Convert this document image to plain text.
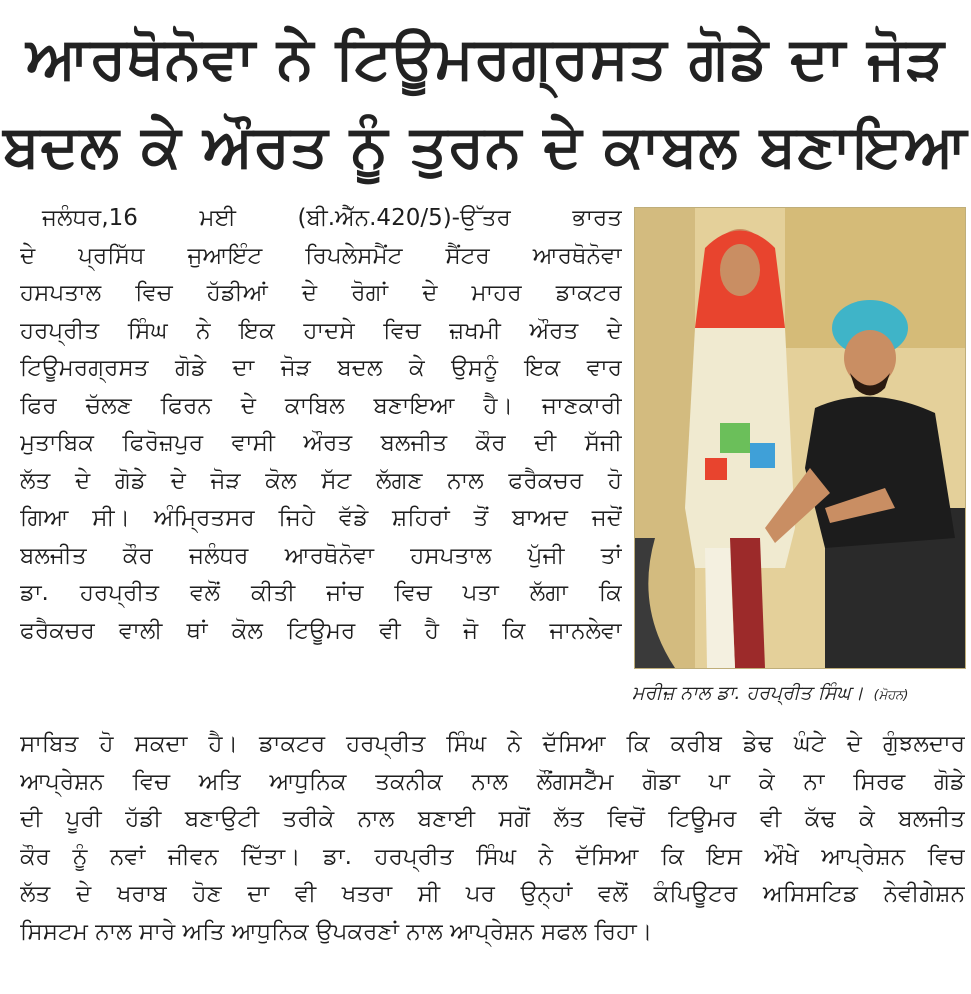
ਆਰਥੋਨੋਵਾ ਨੇ ਟਿਊਮਰਗ੍ਰਸਤ ਗੋਡੇ ਦਾ ਜੋੜ
ਬਦਲ ਕੇ ਔਰਤ ਨੂੰ ਤੁਰਨ ਦੇ ਕਾਬਲ ਬਣਾਇਆ
ਜਲੰਧਰ,16 ਮਈ (ਬੀ.ਐੱਨ.420/5)-ਉੱਤਰ ਭਾਰਤ
ਦੇ ਪ੍ਰਸਿੱਧ ਜੁਆਇੰਟ ਰਿਪਲੇਸਮੈਂਟ ਸੈਂਟਰ ਆਰਥੋਨੋਵਾ
ਹਸਪਤਾਲ ਵਿਚ ਹੱਡੀਆਂ ਦੇ ਰੋਗਾਂ ਦੇ ਮਾਹਰ ਡਾਕਟਰ
ਹਰਪ੍ਰੀਤ ਸਿੰਘ ਨੇ ਇਕ ਹਾਦਸੇ ਵਿਚ ਜ਼ਖਮੀ ਔਰਤ ਦੇ
ਟਿਊਮਰਗ੍ਰਸਤ ਗੋਡੇ ਦਾ ਜੋੜ ਬਦਲ ਕੇ ਉਸਨੂੰ ਇਕ ਵਾਰ
ਫਿਰ ਚੱਲਣ ਫਿਰਨ ਦੇ ਕਾਬਿਲ ਬਣਾਇਆ ਹੈ। ਜਾਣਕਾਰੀ
ਮੁਤਾਬਿਕ ਫਿਰੋਜ਼ਪੁਰ ਵਾਸੀ ਔਰਤ ਬਲਜੀਤ ਕੌਰ ਦੀ ਸੱਜੀ
ਲੱਤ ਦੇ ਗੋਡੇ ਦੇ ਜੋੜ ਕੋਲ ਸੱਟ ਲੱਗਣ ਨਾਲ ਫਰੈਕਚਰ ਹੋ
ਗਿਆ ਸੀ। ਅੰਮ੍ਰਿਤਸਰ ਜਿਹੇ ਵੱਡੇ ਸ਼ਹਿਰਾਂ ਤੋਂ ਬਾਅਦ ਜਦੋਂ
ਬਲਜੀਤ ਕੌਰ ਜਲੰਧਰ ਆਰਥੋਨੋਵਾ ਹਸਪਤਾਲ ਪੁੱਜੀ ਤਾਂ
ਡਾ. ਹਰਪ੍ਰੀਤ ਵਲੋਂ ਕੀਤੀ ਜਾਂਚ ਵਿਚ ਪਤਾ ਲੱਗਾ ਕਿ
ਫਰੈਕਚਰ ਵਾਲੀ ਥਾਂ ਕੋਲ ਟਿਊਮਰ ਵੀ ਹੈ ਜੋ ਕਿ ਜਾਨਲੇਵਾ
ਮਰੀਜ਼ ਨਾਲ ਡਾ. ਹਰਪ੍ਰੀਤ ਸਿੰਘ। (ਮੋਹਨ)
ਸਾਬਿਤ ਹੋ ਸਕਦਾ ਹੈ। ਡਾਕਟਰ ਹਰਪ੍ਰੀਤ ਸਿੰਘ ਨੇ ਦੱਸਿਆ ਕਿ ਕਰੀਬ ਡੇਢ ਘੰਟੇ ਦੇ ਗੁੰਝਲਦਾਰ
ਆਪ੍ਰੇਸ਼ਨ ਵਿਚ ਅਤਿ ਆਧੁਨਿਕ ਤਕਨੀਕ ਨਾਲ ਲੌਂਗਸਟੈੱਮ ਗੋਡਾ ਪਾ ਕੇ ਨਾ ਸਿਰਫ ਗੋਡੇ
ਦੀ ਪੂਰੀ ਹੱਡੀ ਬਣਾਉਟੀ ਤਰੀਕੇ ਨਾਲ ਬਣਾਈ ਸਗੋਂ ਲੱਤ ਵਿਚੋਂ ਟਿਊਮਰ ਵੀ ਕੱਢ ਕੇ ਬਲਜੀਤ
ਕੌਰ ਨੂੰ ਨਵਾਂ ਜੀਵਨ ਦਿੱਤਾ। ਡਾ. ਹਰਪ੍ਰੀਤ ਸਿੰਘ ਨੇ ਦੱਸਿਆ ਕਿ ਇਸ ਔਖੇ ਆਪ੍ਰੇਸ਼ਨ ਵਿਚ
ਲੱਤ ਦੇ ਖਰਾਬ ਹੋਣ ਦਾ ਵੀ ਖਤਰਾ ਸੀ ਪਰ ਉਨ੍ਹਾਂ ਵਲੋਂ ਕੰਪਿਊਟਰ ਅਸਿਸਟਿਡ ਨੇਵੀਗੇਸ਼ਨ
ਸਿਸਟਮ ਨਾਲ ਸਾਰੇ ਅਤਿ ਆਧੁਨਿਕ ਉਪਕਰਣਾਂ ਨਾਲ ਆਪ੍ਰੇਸ਼ਨ ਸਫਲ ਰਿਹਾ।
